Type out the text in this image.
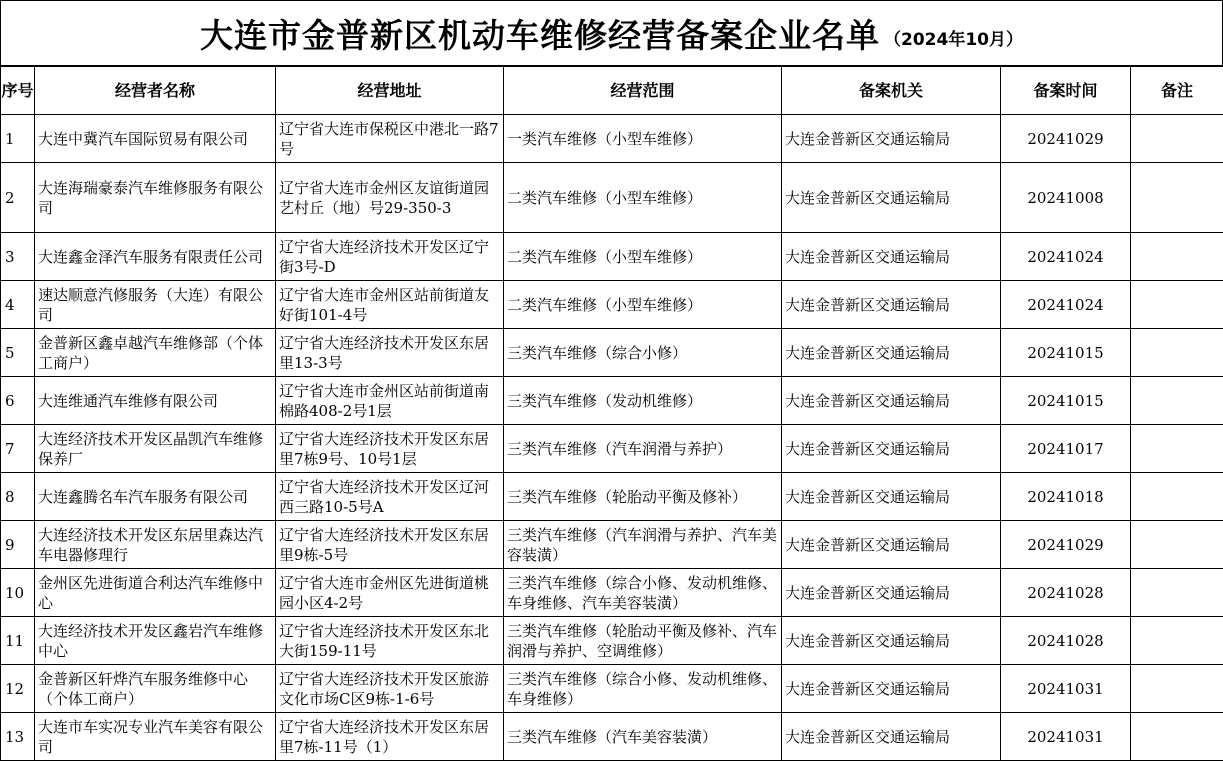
大连市金普新区机动车维修经营备案企业名单 （2024年10月）
序号	经营者名称	经营地址	经营范围	备案机关	备案时间	备注
1	大连中冀汽车国际贸易有限公司	辽宁省大连市保税区中港北一路7号	一类汽车维修（小型车维修）	大连金普新区交通运输局	20241029	
2	大连海瑞豪泰汽车维修服务有限公司	辽宁省大连市金州区友谊街道园艺村丘（地）号29-350-3	二类汽车维修（小型车维修）	大连金普新区交通运输局	20241008	
3	大连鑫金泽汽车服务有限责任公司	辽宁省大连经济技术开发区辽宁街3号-D	二类汽车维修（小型车维修）	大连金普新区交通运输局	20241024	
4	速达顺意汽修服务（大连）有限公司	辽宁省大连市金州区站前街道友好街101-4号	二类汽车维修（小型车维修）	大连金普新区交通运输局	20241024	
5	金普新区鑫卓越汽车维修部（个体工商户）	辽宁省大连经济技术开发区东居里13-3号	三类汽车维修（综合小修）	大连金普新区交通运输局	20241015	
6	大连维通汽车维修有限公司	辽宁省大连市金州区站前街道南棉路408-2号1层	三类汽车维修（发动机维修）	大连金普新区交通运输局	20241015	
7	大连经济技术开发区晶凯汽车维修保养厂	辽宁省大连经济技术开发区东居里7栋9号、10号1层	三类汽车维修（汽车润滑与养护）	大连金普新区交通运输局	20241017	
8	大连鑫腾名车汽车服务有限公司	辽宁省大连经济技术开发区辽河西三路10-5号A	三类汽车维修（轮胎动平衡及修补）	大连金普新区交通运输局	20241018	
9	大连经济技术开发区东居里森达汽车电器修理行	辽宁省大连经济技术开发区东居里9栋-5号	三类汽车维修（汽车润滑与养护、汽车美容装潢）	大连金普新区交通运输局	20241029	
10	金州区先进街道合利达汽车维修中心	辽宁省大连市金州区先进街道桃园小区4-2号	三类汽车维修（综合小修、发动机维修、车身维修、汽车美容装潢）	大连金普新区交通运输局	20241028	
11	大连经济技术开发区鑫岩汽车维修中心	辽宁省大连经济技术开发区东北大街159-11号	三类汽车维修（轮胎动平衡及修补、汽车润滑与养护、空调维修）	大连金普新区交通运输局	20241028	
12	金普新区轩烨汽车服务维修中心（个体工商户）	辽宁省大连经济技术开发区旅游文化市场C区9栋-1-6号	三类汽车维修（综合小修、发动机维修、车身维修）	大连金普新区交通运输局	20241031	
13	大连市车实况专业汽车美容有限公司	辽宁省大连经济技术开发区东居里7栋-11号（1）	三类汽车维修（汽车美容装潢）	大连金普新区交通运输局	20241031	
